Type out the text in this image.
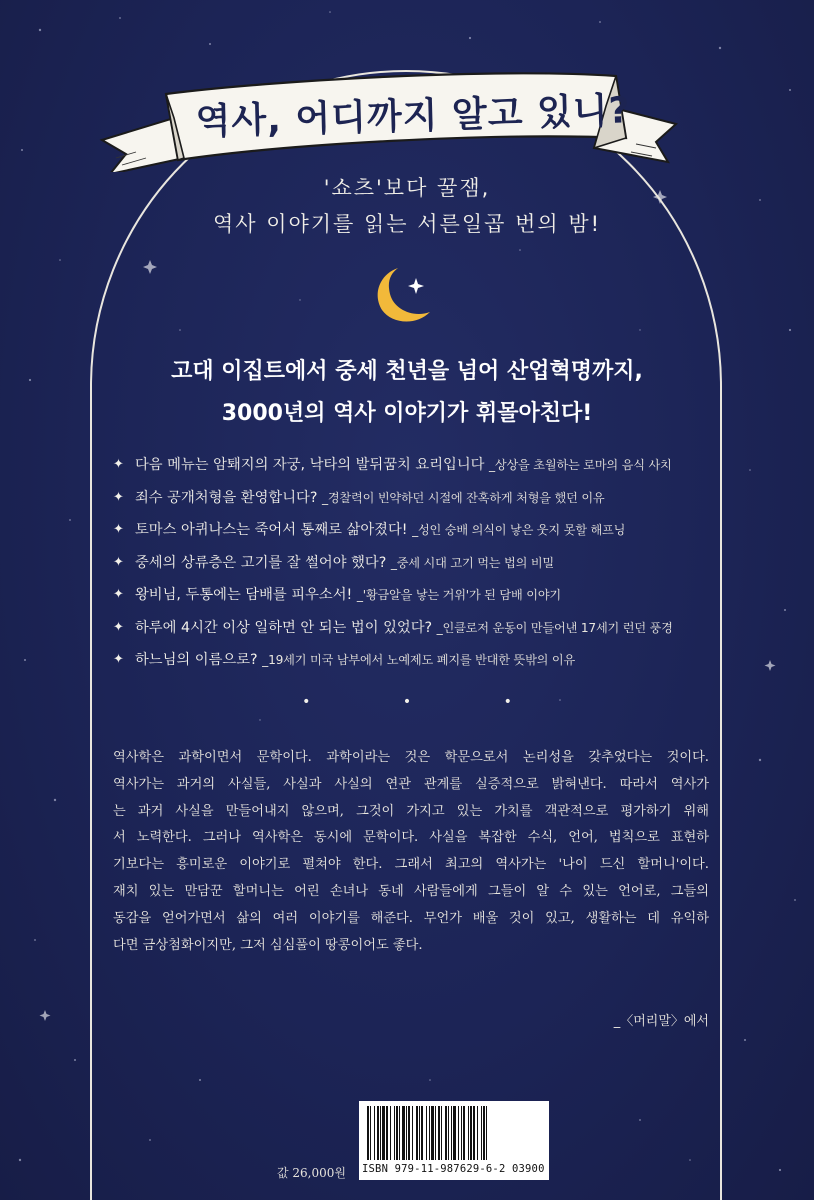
역사, 어디까지 알고 있니?
'쇼츠'보다 꿀잼,
역사 이야기를 읽는 서른일곱 번의 밤!
고대 이집트에서 중세 천년을 넘어 산업혁명까지,
3000년의 역사 이야기가 휘몰아친다!
✦ 다음 메뉴는 암퇘지의 자궁, 낙타의 발뒤꿈치 요리입니다 _상상을 초월하는 로마의 음식 사치
✦ 죄수 공개처형을 환영합니다? _경찰력이 빈약하던 시절에 잔혹하게 처형을 했던 이유
✦ 토마스 아퀴나스는 죽어서 통째로 삶아졌다! _성인 숭배 의식이 낳은 웃지 못할 해프닝
✦ 중세의 상류층은 고기를 잘 썰어야 했다? _중세 시대 고기 먹는 법의 비밀
✦ 왕비님, 두통에는 담배를 피우소서! _'황금알을 낳는 거위'가 된 담배 이야기
✦ 하루에 4시간 이상 일하면 안 되는 법이 있었다? _인클로저 운동이 만들어낸 17세기 런던 풍경
✦ 하느님의 이름으로? _19세기 미국 남부에서 노예제도 폐지를 반대한 뜻밖의 이유
• • •

역사학은 과학이면서 문학이다. 과학이라는 것은 학문으로서 논리성을 갖추었다는 것이다.
역사가는 과거의 사실들, 사실과 사실의 연관 관계를 실증적으로 밝혀낸다. 따라서 역사가
는 과거 사실을 만들어내지 않으며, 그것이 가지고 있는 가치를 객관적으로 평가하기 위해
서 노력한다. 그러나 역사학은 동시에 문학이다. 사실을 복잡한 수식, 언어, 법칙으로 표현하
기보다는 흥미로운 이야기로 펼쳐야 한다. 그래서 최고의 역사가는 '나이 드신 할머니'이다.
재치 있는 만담꾼 할머니는 어린 손녀나 동네 사람들에게 그들이 알 수 있는 언어로, 그들의
동감을 얻어가면서 삶의 여러 이야기를 해준다. 무언가 배울 것이 있고, 생활하는 데 유익하
다면 금상첨화이지만, 그저 심심풀이 땅콩이어도 좋다.

_〈머리말〉에서
값 26,000원 ISBN 979-11-987629-6-2 03900
